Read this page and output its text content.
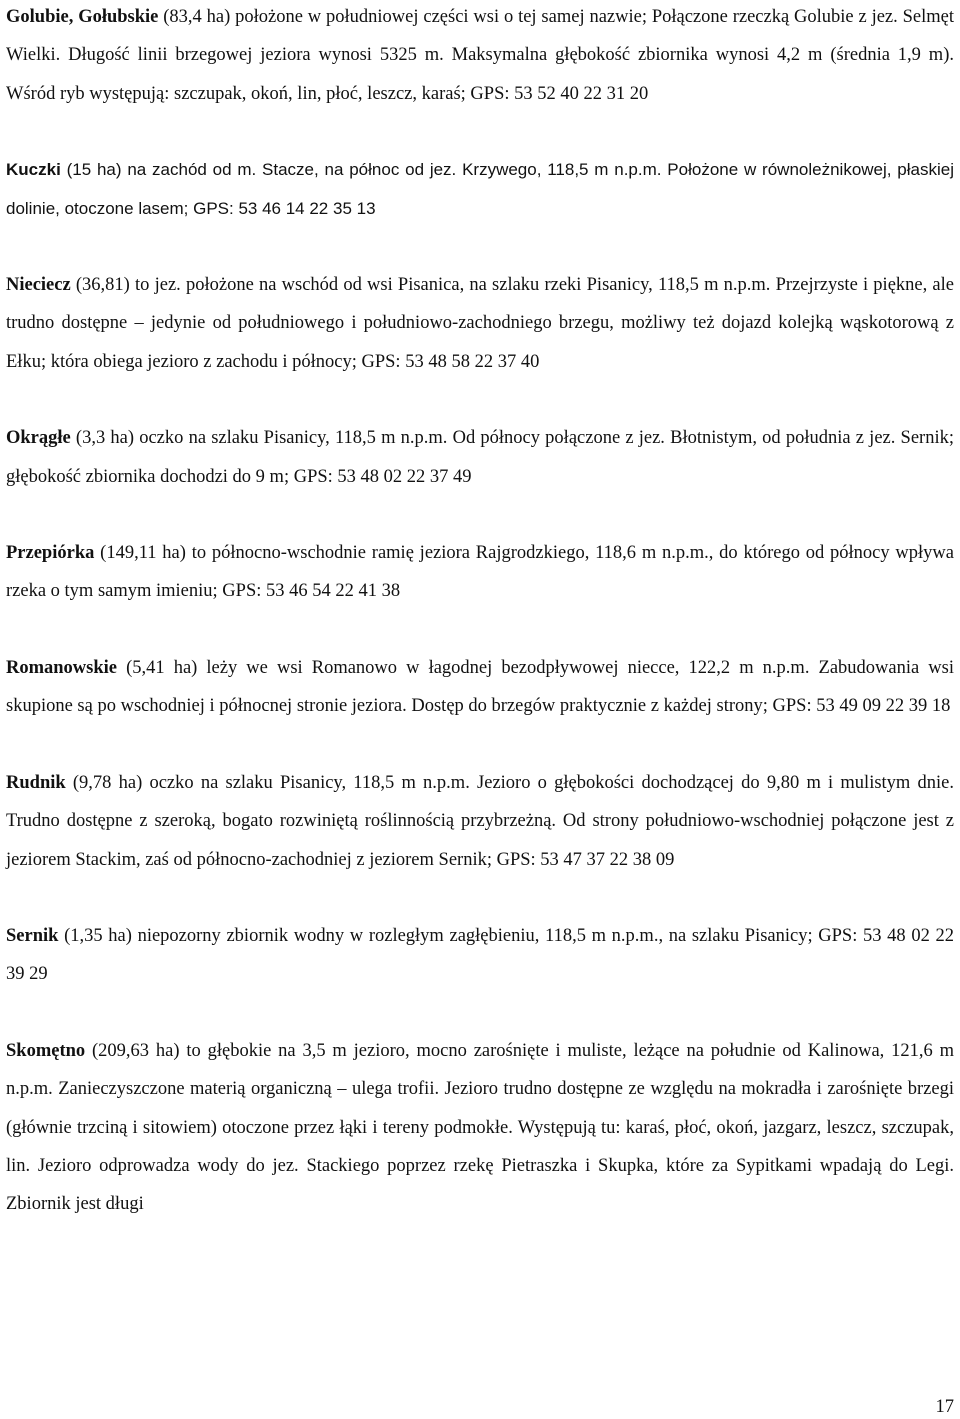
Golubie, Gołubskie (83,4 ha) położone w południowej części wsi o tej samej nazwie; Połączone rzeczką Golubie z jez. Selmęt Wielki. Długość linii brzegowej jeziora wynosi 5325 m. Maksymalna głębokość zbiornika wynosi 4,2 m (średnia 1,9 m). Wśród ryb występują: szczupak, okoń, lin, płoć, leszcz, karaś; GPS: 53 52 40 22 31 20

Kuczki (15 ha) na zachód od m. Stacze, na północ od jez. Krzywego, 118,5 m n.p.m. Położone w równoleżnikowej, płaskiej dolinie, otoczone lasem; GPS: 53 46 14 22 35 13

Nieciecz (36,81) to jez. położone na wschód od wsi Pisanica, na szlaku rzeki Pisanicy, 118,5 m n.p.m. Przejrzyste i piękne, ale trudno dostępne – jedynie od południowego i południowo-zachodniego brzegu, możliwy też dojazd kolejką wąskotorową z Ełku; która obiega jezioro z zachodu i północy; GPS: 53 48 58 22 37 40

Okrągłe (3,3 ha) oczko na szlaku Pisanicy, 118,5 m n.p.m. Od północy połączone z jez. Błotnistym, od południa z jez. Sernik; głębokość zbiornika dochodzi do 9 m; GPS: 53 48 02 22 37 49

Przepiórka (149,11 ha) to północno-wschodnie ramię jeziora Rajgrodzkiego, 118,6 m n.p.m., do którego od północy wpływa rzeka o tym samym imieniu; GPS: 53 46 54 22 41 38

Romanowskie (5,41 ha) leży we wsi Romanowo w łagodnej bezodpływowej niecce, 122,2 m n.p.m. Zabudowania wsi skupione są po wschodniej i północnej stronie jeziora. Dostęp do brzegów praktycznie z każdej strony; GPS: 53 49 09 22 39 18

Rudnik (9,78 ha) oczko na szlaku Pisanicy, 118,5 m n.p.m. Jezioro o głębokości dochodzącej do 9,80 m i mulistym dnie. Trudno dostępne z szeroką, bogato rozwiniętą roślinnością przybrzeżną. Od strony południowo-wschodniej połączone jest z jeziorem Stackim, zaś od północno-zachodniej z jeziorem Sernik; GPS: 53 47 37 22 38 09

Sernik (1,35 ha) niepozorny zbiornik wodny w rozległym zagłębieniu, 118,5 m n.p.m., na szlaku Pisanicy; GPS: 53 48 02 22 39 29

Skomętno (209,63 ha) to głębokie na 3,5 m jezioro, mocno zarośnięte i muliste, leżące na południe od Kalinowa, 121,6 m n.p.m. Zanieczyszczone materią organiczną – ulega trofii. Jezioro trudno dostępne ze względu na mokradła i zarośnięte brzegi (głównie trzciną i sitowiem) otoczone przez łąki i tereny podmokłe. Występują tu: karaś, płoć, okoń, jazgarz, leszcz, szczupak, lin. Jezioro odprowadza wody do jez. Stackiego poprzez rzekę Pietraszka i Skupka, które za Sypitkami wpadają do Legi. Zbiornik jest długi

17
